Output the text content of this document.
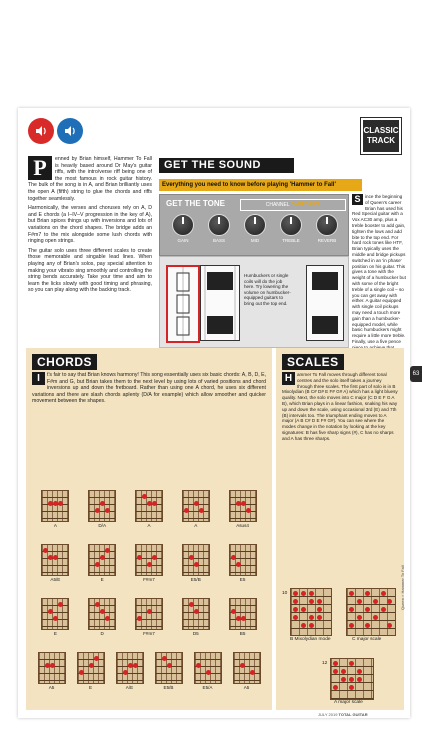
CLASSIC
TRACK
P	enned by Brian himself, Hammer To Fall is heavily based around Dr May's guitar riffs, with the intro/verse riff being one of the most famous in rock guitar history. The bulk of the song is in A, and Brian brilliantly uses the open A (fifth) string to glue the chords and riffs together seamlessly.

Harmonically, the verses and choruses rely on A, D and E chords (a I–IV–V progression in the key of A), but Brian spices things up with inversions and lots of variations on the chord shapes. The bridge adds an F#m7 to the mix alongside some lush chords with ringing open strings.

The guitar solo uses three different scales to create those memorable and singable lead lines. When playing any of Brian's solos, pay special attention to making your vibrato sing smoothly and controlling the string bends accurately. Take your time and aim to learn the licks slowly with good timing and phrasing, so you can play along with the backing track.

GET THE SOUND
Everything you need to know before playing 'Hammer to Fall'
GET THE TONE	CHANNEL OVERDRIVE
GAIN	BASS	MID	TREBLE	REVERB
Humbuckers or single coils will do the job here. Try lowering the volume on humbucker-equipped guitars to bring out the top end.
S ince the beginning of Queen's career Brian has used his Red Special guitar with a Vox AC30 amp, plus a treble booster to add gain, tighten the lows and add bite to the top end. For hard rock tones like HTF, Brian typically uses the middle and bridge pickups switched in an 'in phase' position on his guitar. This gives a tone with the weight of a humbucker but with some of the bright treble of a single coil – so you can get away with either. A guitar equipped with single coil pickups may need a touch more gain than a humbucker-equipped model, while basic humbuckers might require a little more treble. Finally, use a five pence

CHORDS
I	t's fair to say that Brian knows harmony! This song essentially uses six basic chords: A, B, D, E, F#m and G, but Brian takes them to the next level by using lots of varied positions and chord inversions up and down the fretboard. Rather than using one A chord, he uses six different variations and there are slash chords aplenty (D/A for example) which allow smoother and quicker movement between the shapes.

A	D/A	A	A	Asus4
A5/E	E	F#m7	E5/B	E5
E	D	F#m7	D5	B5
A5	E	A/E	E5/B	E5/A	A5
SCALES
H	ammer To Fall moves through different tonal centres and the solo itself takes a journey through three scales. The first part of solo is in B Mixolydian (B C# D# E F# G# A) which has a light bluesy quality. Next, the solo moves into C major (C D E F G A B), which Brian plays in a linear fashion, snaking his way up and down the scale, using occasional 3rd (E) and 7th (B) intervals too. The triumphant ending moves to A major (A B C# D E F# G#). You can see where the modes change in the notation by looking at the key signatures: B has five sharp signs (#), C has no sharps and A has three sharps.

10
B Mixolydian mode	C major scale
12
A major scale
JULY 2019 TOTAL GUITAR
63
Queen » Hammer To Fall
